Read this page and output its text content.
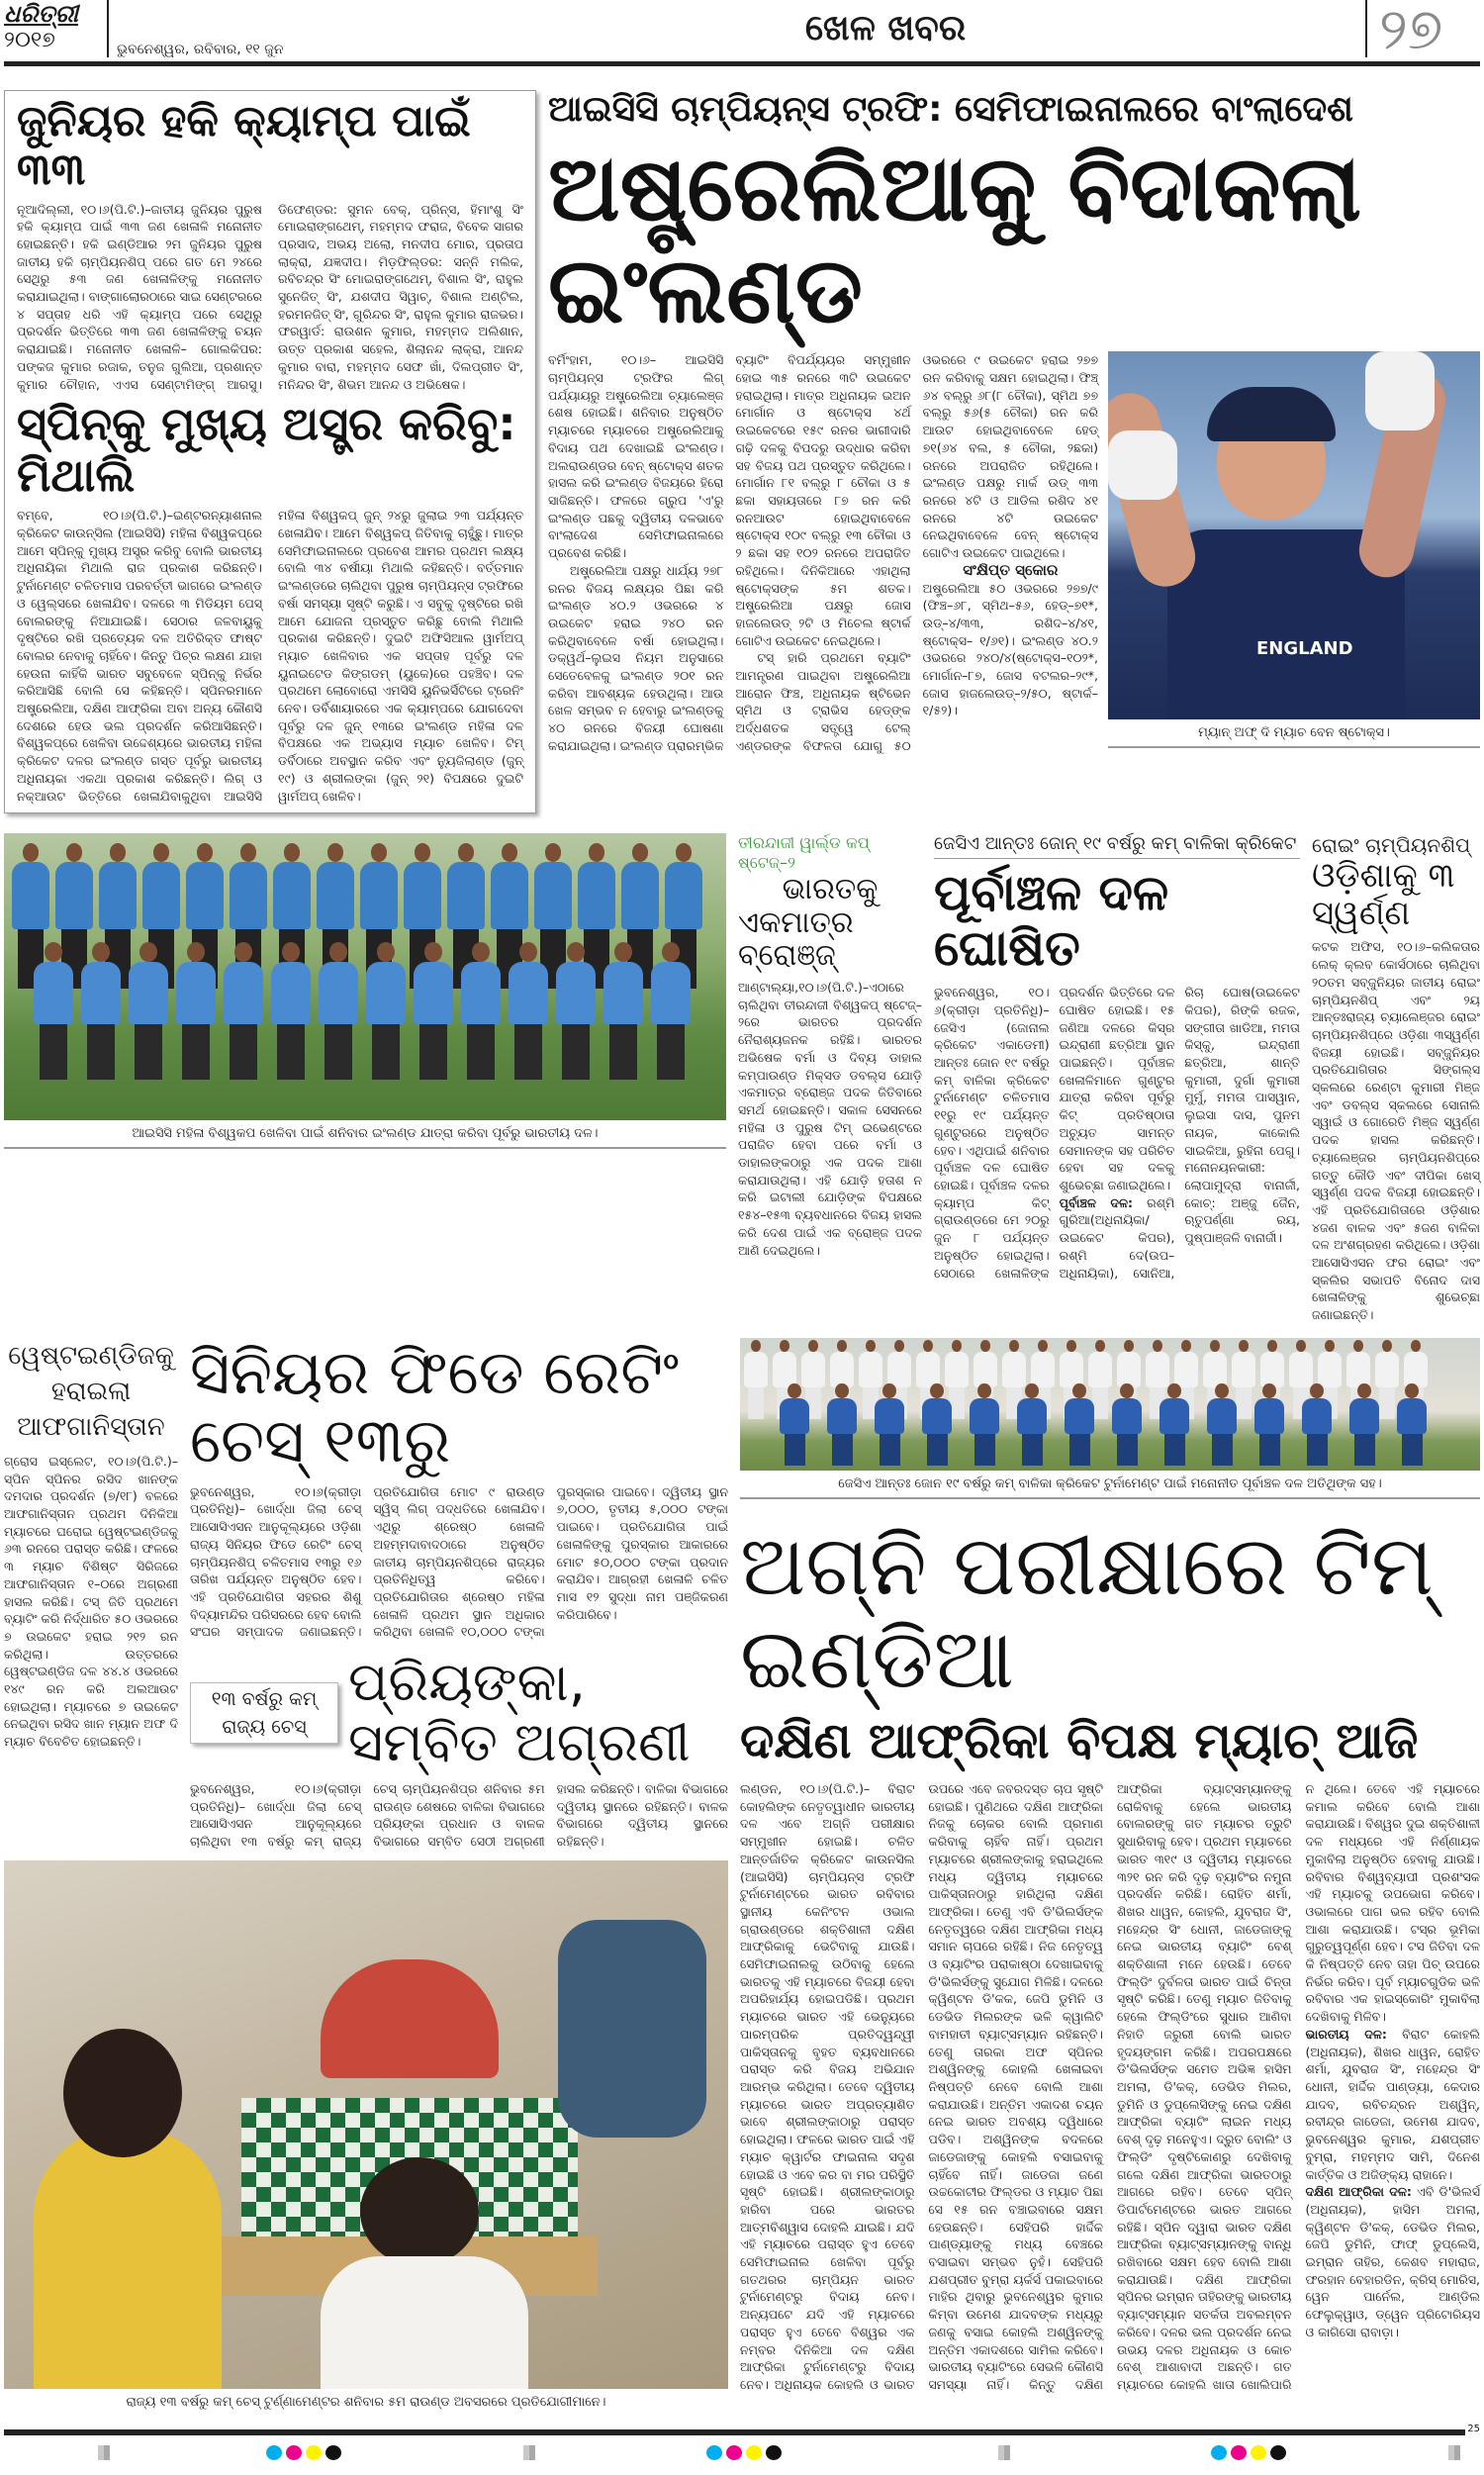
ଧରିତ୍ରୀ
୨୦୧୭	ଭୁବନେଶ୍ୱର, ରବିବାର, ୧୧ ଜୁନ
ଖେଳ ଖବର	୨୭
ଜୁନିୟର ହକି କ୍ୟାମ୍ପ ପାଇଁ ୩୩

ନୂଆଦିଲ୍ଲୀ, ୧୦।୬(ପି.ଟି.)–ଜାତୀୟ ଜୁନିୟର ପୁରୁଷ ହକି କ୍ୟାମ୍ପ ପାଇଁ ୩୩ ଜଣ ଖେଳାଳି ମନୋନୀତ ହୋଇଛନ୍ତି। ହକି ଇଣ୍ଡିଆର ୨ମ ଜୁନିୟର ପୁରୁଷ ଜାତୀୟ ହକି ଚାମ୍ପିୟନଶିପ୍ ପରେ ଗତ ମେ ୨୪ରେ ସେଥିରୁ ୫୩ ଜଣ ଖେଳାଳିଙ୍କୁ ମନୋନୀତ କରାଯାଇଥିଲା। ବାଙ୍ଗାଲୋରଠାରେ ସାଇ ସେଣ୍ଟରରେ ୪ ସପ୍ତାହ ଧରି ଏହି କ୍ୟାମ୍ପ ପରେ ସେଥିରୁ ପ୍ରଦର୍ଶନ ଭିତ୍ତିରେ ୩୩ ଜଣ ଖେଳାଳିଙ୍କୁ ଚୟନ କରାଯାଇଛି। ମନୋନୀତ ଖେଳାଳି– ଗୋଲକିପର: ପଙ୍କଜ କୁମାର ରଜାକ, ତନୁଜ ଗୁଲିଆ, ପ୍ରଶାନ୍ତ କୁମାର ଚୌହାନ, ଏଏସ ସେଣ୍ଟାମିଙ୍ଗ୍ ଆରସୁ। ଡିଫେଣ୍ଡର: ସୁମନ ବେକ୍, ପ୍ରିନ୍ସ, ହିମାଂଶୁ ସିଂ ମୋଇରାଙ୍ଗଥେମ୍, ମହମ୍ମଦ ଫରାଜ, ବିବେକ ସାଗର ପ୍ରସାଦ, ଅଭୟ ଅଲୋ, ମନଦୀପ ମୋର, ପ୍ରତାପ ଲାକ୍ରା, ଯଜ୍ଞଦୀପ। ମିଡ଼ଫିଲ୍ଡର: ସନ୍ନି ମଲିକ, ରବିଚନ୍ଦ୍ର ସିଂ ମୋଇରାଙ୍ଗଥେମ୍, ବିଶାଲ ସିଂ, ରାହୁଲ ସୁନେଜିତ୍ ସିଂ, ଯଶଦୀପ ସିୱାଚ୍, ବିଶାଲ ଅଣ୍ଟିଲ, ହରମନଜିତ୍ ସିଂ, ଗୁରିନ୍ଦର ସିଂ, ରାହୁଲ କୁମାର ରାଜଭର। ଫରୱାର୍ଡ: ରାଉଶନ କୁମାର, ମହମ୍ମଦ ଅଲିଶାନ, ଉତ୍ତ ପ୍ରକାଶ ସହେଲ, ଶିଲାନନ୍ଦ ଲାକ୍ରା, ଆନନ୍ଦ କୁମାର ବାରା, ମହମ୍ମଦ ସେଫ ଖାଁ, ଦିଲପ୍ରୀତ ସିଂ, ମନିନ୍ଦର ସିଂ, ଶିଭମ ଆନନ୍ଦ ଓ ଅଭିଷେକ।

ସ୍ପିନ୍‌କୁ ମୁଖ୍ୟ ଅସ୍ତ୍ର କରିବୁ: ମିଥାଲି

ବମ୍ବେ, ୧୦।୬(ପି.ଟି.)–ଇଣ୍ଟରନ୍ୟାଶନାଲ କ୍ରିକେଟ କାଉନ୍‌ସିଲ (ଆଇସିସି) ମହିଳା ବିଶ୍ୱକପ୍‌ରେ ଆମେ ସ୍ପିନ୍‌କୁ ମୁଖ୍ୟ ଅସ୍ତ୍ର କରିବୁ ବୋଲି ଭାରତୀୟ ଅଧିନାୟିକା ମିଥାଲି ରାଜ ପ୍ରକାଶ କରିଛନ୍ତି। ଟୁର୍ନାମେଣ୍ଟ ଚଳିତମାସ ପରବର୍ତ୍ତୀ ଭାଗରେ ଇଂଲଣ୍ଡ ଓ ୱେଲ୍‌ସରେ ଖେଳାଯିବ। ଦଳରେ ୩ ମିଡିୟମ ପେସ୍ ବୋଲରଙ୍କୁ ନିଆଯାଇଛି। ସେଠାର ଜଳବାୟୁକୁ ଦୃଷ୍ଟିରେ ରଖି ପ୍ରତ୍ୟେକ ଦଳ ଅତିରିକ୍ତ ଫାଷ୍ଟ ବୋଲର ନେବାକୁ ଚାହିଁବେ। କିନ୍ତୁ ପିଚ୍‌ର ଲକ୍ଷଣ ଯାହା ହେଉନା କାହିଁକି ଭାରତ ସବୁବେଳେ ସ୍ପିନ୍‌କୁ ନିର୍ଭର କରିଆସିଛି ବୋଲି ସେ କହିଛନ୍ତି। ସ୍ପିନରମାନେ ଅଷ୍ଟ୍ରେଲିଆ, ଦକ୍ଷିଣ ଆଫ୍ରିକା ଅବା ଅନ୍ୟ କୌଣସି ଦେଶରେ ହେଉ ଭଲ ପ୍ରଦର୍ଶନ କରିଆସିଛନ୍ତି। ବିଶ୍ୱକପ୍‌ରେ ଖେଳିବା ଉଦ୍ଦେଶ୍ୟରେ ଭାରତୀୟ ମହିଳା କ୍ରିକେଟ ଦଳର ଇଂଲଣ୍ଡ ଗସ୍ତ ପୂର୍ବରୁ ଭାରତୀୟ ଅଧିନାୟକା ଏକଥା ପ୍ରକାଶ କରିଛନ୍ତି। ଲିଗ୍ ଓ ନକ୍‌ଆଉଟ ଭିତ୍ତିରେ ଖେଳାଯିବାକୁଥିବା ଆଇସିସି ମହିଳା ବିଶ୍ୱକପ୍ ଜୁନ୍ ୨୪ରୁ ଜୁଲାଇ ୨୩ ପର୍ଯ୍ୟନ୍ତ ଖେଳାଯିବ। ଆମେ ବିଶ୍ୱକପ୍ ଜିତିବାକୁ ଚାହୁଁଛୁ। ମାତ୍ର ସେମିଫାଇନାଲରେ ପ୍ରବେଶ ଆମର ପ୍ରଥମ ଲକ୍ଷ୍ୟ ବୋଲି ୩୪ ବର୍ଷୀୟା ମିଥାଲି କହିଛନ୍ତି। ବର୍ତ୍ତମାନ ଇଂଲଣ୍ଡରେ ଚାଲିଥିବା ପୁରୁଷ ଚାମ୍ପିୟନ୍ସ ଟ୍ରଫିରେ ବର୍ଷା ସମସ୍ୟା ସୃଷ୍ଟି କରୁଛି। ଏ ସବୁକୁ ଦୃଷ୍ଟିରେ ରଖି ଆମେ ଯୋଜନା ପ୍ରସ୍ତୁତ କରିଛୁ ବୋଲି ମିଥାଲି ପ୍ରକାଶ କରିଛନ୍ତି। ଦୁଇଟି ଅଫିସିଆଲ ୱାର୍ମଅପ୍ ମ୍ୟାଚ ଖେଳିବାର ଏକ ସପ୍ତାହ ପୂର୍ବରୁ ଦଳ ୟୁନାଇଟେଡ କିଙ୍ଗଡମ୍ (ୟୁକେ)ରେ ପହଞ୍ଚିବ। ଦଳ ପ୍ରଥମେ ଲୋବୋରୋ ଏମସିସି ୟୁନିଭର୍ସିଟିରେ ଟ୍ରେନିଂ ନେବ। ଡର୍ବିଶାୟାରରେ ଏକ କ୍ୟାମ୍ପରେ ଯୋଗଦେବା ପୂର୍ବରୁ ଦଳ ଜୁନ୍ ୧୩ରେ ଇଂଲଣ୍ଡ ମହିଳା ଦଳ ବିପକ୍ଷରେ ଏକ ଅଭ୍ୟାସ ମ୍ୟାଚ ଖେଳିବ। ଟିମ୍ ଡର୍ବିଠାରେ ଅବସ୍ଥାନ କରିବ ଏବଂ ନ୍ୟୁଜିଲାଣ୍ଡ (ଜୁନ୍ ୧୯) ଓ ଶ୍ରୀଲଙ୍କା (ଜୁନ୍ ୨୧) ବିପକ୍ଷରେ ଦୁଇଟି ୱାର୍ମଅପ୍ ଖେଳିବ।

ଆଇସିସି ଚାମ୍ପିୟନ୍ସ ଟ୍ରଫି: ସେମିଫାଇନାଲରେ ବାଂଲାଦେଶ
ଅଷ୍ଟ୍ରେଲିଆକୁ ବିଦାକଲା ଇଂଲଣ୍ଡ

ବର୍ମିଂହାମ, ୧୦।୬– ଆଇସିସି ଚାମ୍ପିୟନ୍ସ ଟ୍ରଫିର ଲିଗ୍ ପର୍ଯ୍ୟାୟରୁ ଅଷ୍ଟ୍ରେଲିଆ ଚ୍ୟାଲେଞ୍ଜ ଶେଷ ହୋଇଛି। ଶନିବାର ଅନୁଷ୍ଠିତ ମ୍ୟାଚରେ ମ୍ୟାଚରେ ଅଷ୍ଟ୍ରେଲିଆକୁ ବିଦାୟ ପଥ ଦେଖାଇଛି ଇଂଲଣ୍ଡ। ଅଲରାଉଣ୍ଡର ବେନ୍ ଷ୍ଟୋକ୍ସ ଶତକ ହାସଲ କରି ଇଂଲଣ୍ଡ ବିଜୟରେ ହିରୋ ସାଜିଛନ୍ତି। ଫଳରେ ଗ୍ରୁପ 'ଏ'ରୁ ଇଂଲଣ୍ଡ ପଛକୁ ଦ୍ୱିତୀୟ ଦଳଭାବେ ବାଂଲାଦେଶ ସେମିଫାଇନାଲରେ ପ୍ରବେଶ କରିଛି।

ଅଷ୍ଟ୍ରେଲିଆ ପକ୍ଷରୁ ଧାର୍ଯ୍ୟ ୨୭୮ ରନର ବିଜୟ ଲକ୍ଷ୍ୟର ପିଛା କରି ଇଂଲଣ୍ଡ ୪୦.୨ ଓଭରରେ ୪ ଉଇକେଟ ହରାଇ ୨୪୦ ରନ କରିଥିବାବେଳେ ବର୍ଷା ହୋଇଥିଲା। ଡକ୍‌ୱର୍ଥ–ଲୁଇସ ନିୟମ ଅନୁସାରେ ସେତେବେଳକୁ ଇଂଲଣ୍ଡ ୨୦୧ ରନ କରିବା ଆବଶ୍ୟକ ହେଉଥିଲା। ଆଉ ଖେଳ ସମ୍ଭବ ନ ହେବାରୁ ଇଂଲଣ୍ଡକୁ ୪୦ ରନରେ ବିଜୟୀ ଘୋଷଣା କରାଯାଇଥିଲା। ଇଂଲଣ୍ଡ ପ୍ରାରମ୍ଭିକ ବ୍ୟାଟିଂ ବିପର୍ଯ୍ୟୟର ସମ୍ମୁଖୀନ ହୋଇ ୩୫ ରନରେ ୩ଟି ଉଇକେଟ ହରାଇଥିଲା। ମାତ୍ର ଅଧିନାୟକ ଇଅନ ମୋର୍ଗାନ ଓ ଷ୍ଟୋକ୍ସ ୪ର୍ଥ ଉଇକେଟରେ ୧୫୯ ରନର ଭାଗୀଦାରି ଗଢ଼ି ଦଳକୁ ବିପଦରୁ ଉଦ୍ଧାର କରିବା ସହ ବିଜୟ ପଥ ପ୍ରସ୍ତୁତ କରିଥିଲେ। ମୋର୍ଗାନ ୮୧ ବଲ୍‌ରୁ ୮ ଚୌକା ଓ ୫ ଛକା ସହାୟତାରେ ୮୭ ରନ କରି ରନଆଉଟ ହୋଇଥିବାବେଳେ ଷ୍ଟୋକ୍ସ ୧୦୯ ବଲ୍‌ରୁ ୧୩ ଚୌକା ଓ ୨ ଛକା ସହ ୧୦୨ ରନରେ ଅପରାଜିତ ରହିଥିଲେ। ଦିନିକିଆରେ ଏହାଥିଲା ଷ୍ଟୋକ୍ସଙ୍କ ୫ମ ଶତକ। ଅଷ୍ଟ୍ରେଲିଆ ପକ୍ଷରୁ ଜୋସ ହାଜଲେଉଡ୍ ୨ଟି ଓ ମିଚେଲ ଷ୍ଟାର୍କ ଗୋଟିଏ ଉଇକେଟ ନେଇଥିଲେ।

ଟସ୍ ହାରି ପ୍ରଥମେ ବ୍ୟାଟିଂ ଆମନ୍ତ୍ରଣ ପାଇଥିବା ଅଷ୍ଟ୍ରେଲିଆ ଆରୋନ ଫିଞ୍ଚ, ଅଧିନାୟକ ଷ୍ଟିଭେନ ସ୍ମିଥ ଓ ଟ୍ରାଭିସ ହେଡ୍‌ଙ୍କ ଅର୍ଦ୍ଧଶତକ ସତ୍ତ୍ୱେ ଟେଲ୍ ଏଣ୍ଡରଙ୍କ ବିଫଳତା ଯୋଗୁ ୫୦ ଓଭରରେ ୯ ଉଇକେଟ ହରାଇ ୨୭୭ ରନ କରିବାକୁ ସକ୍ଷମ ହୋଇଥିଲା। ଫିଞ୍ଚ୍ ୬୪ ବଲ୍‌ରୁ ୬୮(୮ ଚୌକା), ସ୍ମିଥ ୭୭ ବଲ୍‌ରୁ ୫୬(୫ ଚୌକା) ରନ କରି ଆଉଟ ହୋଇଥିବାବେଳେ ହେଡ୍ ୭୧(୬୪ ବଲ, ୫ ଚୌକା, ୨ଛକା) ରନରେ ଅପରାଜିତ ରହିଥିଲେ। ଇଂଲଣ୍ଡ ପକ୍ଷରୁ ମାର୍କ ଉଡ୍ ୩୩ ରନରେ ୪ଟି ଓ ଆଡିଲ ରଶିଦ ୪୧ ରନରେ ୪ଟି ଉଇକେଟ ନେଇଥିବାବେଳେ ବେନ୍ ଷ୍ଟୋକ୍ସ ଗୋଟିଏ ଉଇକେଟ ପାଇଥିଲେ।

ସଂକ୍ଷିପ୍ତ ସ୍କୋର

ଅଷ୍ଟ୍ରେଲିଆ ୫୦ ଓଭରରେ ୨୭୭/୯ (ଫିଞ୍ଚ–୬୮, ସ୍ମିଥ–୫୬, ହେଡ୍–୭୧*, ଉଡ୍–୪/୩୩, ରଶିଦ–୪/୪୧, ଷ୍ଟୋକ୍ସ– ୧/୬୧)। ଇଂଲଣ୍ଡ ୪୦.୨ ଓଭରରେ ୨୪୦/୪(ଷ୍ଟୋକ୍ସ–୧୦୨*, ମୋର୍ଗାନ–୮୭, ଜୋସ ବଟଲର–୨୯*, ଜୋସ ହାଜଲେଉଡ୍–୨/୫୦, ଷ୍ଟାର୍କ–୧/୫୨)।

ENGLAND
ମ୍ୟାନ୍ ଅଫ୍ ଦି ମ୍ୟାଚ ବେନ ଷ୍ଟୋକ୍ସ।
ଆଇସିସି ମହିଳା ବିଶ୍ୱକପ ଖେଳିବା ପାଇଁ ଶନିବାର ଇଂଲଣ୍ଡ ଯାତ୍ରା କରିବା ପୂର୍ବରୁ ଭାରତୀୟ ଦଳ।
ତୀରନ୍ଦାଜୀ ୱାର୍ଲ୍ଡ କପ୍ ଷ୍ଟେଜ୍–୨
ଭାରତକୁ
ଏକମାତ୍ର ବ୍ରୋଞ୍ଜ୍

ଆଣ୍ଟାଲ୍ୟା,୧୦।୬(ପି.ଟି.)–ଏଠାରେ ଚାଲିଥିବା ତୀରନ୍ଦାଜୀ ବିଶ୍ୱକପ୍ ଷ୍ଟେଜ୍–୨ରେ ଭାରତର ପ୍ରଦର୍ଶନ ନୈରାଶ୍ୟଜନକ ରହିଛି। ଭାରତର ଅଭିଷେକ ବର୍ମା ଓ ଦିବ୍ୟ ଡାହାଲ କମ୍ପାଉଣ୍ଡ ମିକ୍ସଡ ଡବଲ୍ସ ଯୋଡ଼ି ଏକମାତ୍ର ବ୍ରୋଞ୍ଜ ପଦକ ଜିତିବାରେ ସମର୍ଥ ହୋଇଛନ୍ତି। ସକାଳ ସେସନରେ ମହିଳା ଓ ପୁରୁଷ ଟିମ୍ ଇଭେଣ୍ଟରେ ପରାଜିତ ହେବା ପରେ ବର୍ମା ଓ ଡାହାଲଙ୍କଠାରୁ ଏକ ପଦକ ଆଶା କରାଯାଉଥିଲା। ଏହି ଯୋଡ଼ି ହତାଶ ନ କରି ଇଟାଲୀ ଯୋଡ଼ିଙ୍କ ବିପକ୍ଷରେ ୧୫୪–୧୫୩ ବ୍ୟବଧାନରେ ବିଜୟ ହାସଲ କରି ଦେଶ ପାଇଁ ଏକ ବ୍ରୋଞ୍ଜ ପଦକ ଆଣି ଦେଇଥିଲେ।

ଜେସିଏ ଆନ୍ତଃ ଜୋନ୍ ୧୯ ବର୍ଷରୁ କମ୍ ବାଳିକା କ୍ରିକେଟ
ପୂର୍ବାଞ୍ଚଳ ଦଳ ଘୋଷିତ

ଭୁବନେଶ୍ୱର, ୧୦।୬(କ୍ରୀଡ଼ା ପ୍ରତିନିଧି)– ଜେସିଏ (ଜୋନାଲ କ୍ରିକେଟ ଏକାଡେମୀ) ଆନ୍ତଃ ଜୋନ ୧୯ ବର୍ଷରୁ କମ୍ ବାଳିକା କ୍ରିକେଟ ଟୁର୍ନାମେଣ୍ଟ ଚଳିତମାସ ୧୧ରୁ ୧୯ ପର୍ଯ୍ୟନ୍ତ ଗୁଣ୍ଟୁରରେ ଅନୁଷ୍ଠିତ ହେବ। ଏଥିପାଇଁ ଶନିବାର ପୂର୍ବାଞ୍ଚଳ ଦଳ ଘୋଷିତ ହୋଇଛି। ପୂର୍ବାଞ୍ଚଳ ଦଳର କ୍ୟାମ୍ପ କିଟ୍ ଗ୍ରାଉଣ୍ଡରେ ମେ ୨୦ରୁ ଜୁନ ୮ ପର୍ଯ୍ୟନ୍ତ ଅନୁଷ୍ଠିତ ହୋଇଥିଲା। ସେଠାରେ ଖେଳାଳିଙ୍କ ପ୍ରଦର୍ଶନ ଭିତ୍ତିରେ ଦଳ ଘୋଷିତ ହୋଇଛି। ୧୫ ଜଣିଆ ଦଳରେ କିସ୍‌ର ଇନ୍ଦ୍ରାଣୀ ଛତ୍ରିଆ ସ୍ଥାନ ପାଇଛନ୍ତି। ପୂର୍ବାଞ୍ଚଳ ଖେଳାଳିମାନେ ଗୁଣ୍ଟୁର ଯାତ୍ରା କରିବା ପୂର୍ବରୁ କିଟ୍ ପ୍ରତିଷ୍ଠାତା ଅଚ୍ୟୁତ ସାମନ୍ତ ସେମାନଙ୍କ ସହ ପରିଚିତ ହେବା ସହ ଦଳକୁ ଶୁଭେଚ୍ଛା ଜଣାଇଥିଲେ।

ପୂର୍ବାଞ୍ଚଳ ଦଳ: ରଶ୍ମି ଗୁରିଆ(ଅଧିନାୟିକା/ଉଇକେଟ କିପର), ରଶ୍ମି ଦେ(ଉପ–ଅଧିନାୟିକା), ସୋନିଆ, ରିଚା ଘୋଷ(ଉଇକେଟ କିପର), ରିଙ୍କି ରଜକ, ସଙ୍ଗୀତା ଖାଡିଆ, ମମତା କିସ୍କୁ, ଇନ୍ଦ୍ରାଣୀ ଛତ୍ରିଆ, ଶାନ୍ତି କୁମାରୀ, ଦୁର୍ଗା କୁମାରୀ ମୁର୍ମୁ, ମମତା ପାସୱାନ, ଲୁଇସା ଦାସ, ପୁନମ ନାୟକ, କାକୋଲି ସାଇକିଆ, ରୁହିନା ପେଗୁ। ମନୋନୟନକାରୀ: ଲୋପାମୁଦ୍ରା ବାନାର୍ଜୀ, କୋଚ୍: ଅଞ୍ଜୁ ଜୈନ, ଋତୁପର୍ଣ୍ଣା ରୟ, ପୁଷ୍ପାଞ୍ଜଳି ବାନାର୍ଜୀ।

ରୋଇଂ ଚାମ୍ପିୟନଶିପ୍
ଓଡ଼ିଶାକୁ ୩ ସ୍ୱର୍ଣ୍ଣ

କଟକ ଅଫିସ, ୧୦।୬–କଲିକତାର ଲେକ୍ କ୍ଲବ କୋର୍ସଠାରେ ଚାଲିଥିବା ୨୦ତମ ସବ୍‌ଜୁନିୟର ଜାତୀୟ ରୋଇଂ ଚାମ୍ପିୟନଶିପ୍ ଏବଂ ୨ୟ ଆନ୍ତଃରାଜ୍ୟ ଚ୍ୟାଲେଞ୍ଜର ରୋଇଂ ଚାମ୍ପିୟନଶିପ୍‌ରେ ଓଡ଼ିଶା ୩ସ୍ୱର୍ଣ୍ଣ ବିଜୟୀ ହୋଇଛି। ସବ୍‌ଜୁନିୟର ପ୍ରତିଯୋଗିତାର ସିଙ୍ଗଲ୍ସ ସ୍କଲରେ ରେଣ୍ଟା କୁମାରୀ ମିଞ୍ଜ ଏବଂ ଡବଲ୍ସ ସ୍କଲରେ ସୋନାଲି ସ୍ୱାଇଁ ଓ ଗୋରେତି ମିଞ୍ଜ ସ୍ୱର୍ଣ୍ଣ ପଦକ ହାସଲ କରିଛନ୍ତି। ଚ୍ୟାଲେଞ୍ଜର ଚାମ୍ପିୟନଶିପ୍‌ରେ ଗତ୍ତୁ କୌଡି ଏବଂ ଦୀପିକା ଖେସ୍ ସ୍ୱର୍ଣ୍ଣ ପଦକ ବିଜୟୀ ହୋଇଛନ୍ତି। ଏହି ପ୍ରତିଯୋଗିତାରେ ଓଡ଼ିଶାର ୪ଜଣ ବାଳକ ଏବଂ ୫ଜଣ ବାଳିକା ଦଳ ଅଂଶଗ୍ରହଣ କରିଥିଲେ। ଓଡ଼ିଶା ଆସୋସିଏସନ ଫର ରୋଇଂ ଏବଂ ସ୍କଲିର ସଭାପତି ବିନୋଦ ଦାସ ଖେଳାଳିଙ୍କୁ ଶୁଭେଚ୍ଛା ଜଣାଇଛନ୍ତି।

ୱେଷ୍ଟଇଣ୍ଡିଜକୁ
ହରାଇଲା
ଆଫଗାନିସ୍ତାନ

ଗ୍ରୋସ ଇସ୍ଲେଟ, ୧୦।୬(ପି.ଟି.)– ସ୍ପିନ ସ୍ପିନର ରସିଦ ଖାନଙ୍କ ଦମଦାର ପ୍ରଦର୍ଶନ (୭/୧୮) ବଳରେ ଆଫଗାନିସ୍ତାନ ପ୍ରଥମ ଦିନିକିଆ ମ୍ୟାଚରେ ଘରୋଇ ୱେଷ୍ଟଇଣ୍ଡିଜକୁ ୬୩ ରନରେ ପରାସ୍ତ କରିଛି। ଫଳରେ ୩ ମ୍ୟାଚ ବିଶିଷ୍ଟ ସିରିଜରେ ଆଫଗାନିସ୍ତାନ ୧–୦ରେ ଅଗ୍ରଣୀ ହାସଲ କରିଛି। ଟସ୍ ଜିତି ପ୍ରଥମେ ବ୍ୟାଟିଂ କରି ନିର୍ଦ୍ଧାରିତ ୫୦ ଓଭରରେ ୭ ଉଇକେଟ ହରାଇ ୨୧୨ ରନ କରିଥିଲା। ଉତ୍ତରରେ ୱେଷ୍ଟଇଣ୍ଡିଜ ଦଳ ୪୪.୪ ଓଭରରେ ୧୪୯ ରନ କରି ଅଲଆଉଟ ହୋଇଥିଲା। ମ୍ୟାଚରେ ୭ ଉଇକେଟ ନେଇଥିବା ରସିଦ ଖାନ ମ୍ୟାନ ଅଫ ଦି ମ୍ୟାଚ ବିବେଚିତ ହୋଇଛନ୍ତି।

ସିନିୟର ଫିଡେ ରେଟିଂ ଚେସ୍ ୧୩ରୁ

ଭୁବନେଶ୍ୱର, ୧୦।୬(କ୍ରୀଡ଼ା ପ୍ରତିନିଧି)– ଖୋର୍ଦ୍ଧା ଜିଲା ଚେସ୍ ଆସୋସିଏସନ ଆନୁକୂଲ୍ୟରେ ଓଡ଼ିଶା ରାଜ୍ୟ ସିନିୟର ଫିଡେ ରେଟିଂ ଚେସ୍ ଚାମ୍ପିୟନଶିପ୍ ଚଳିତମାସ ୧୩ରୁ ୧୬ ତାରିଖ ପର୍ଯ୍ୟନ୍ତ ଅନୁଷ୍ଠିତ ହେବ। ଏହି ପ୍ରତିଯୋଗିତା ସହରର ଶିଶୁ ବିଦ୍ୟାମନ୍ଦିର ପରିସରରେ ହେବ ବୋଲି ସଂଘର ସମ୍ପାଦକ ଜଣାଇଛନ୍ତି। ପ୍ରତିଯୋଗିତା ମୋଟ ୯ ରାଉଣ୍ଡ ସ୍ୱିସ୍ ଲିଗ୍ ପଦ୍ଧତିରେ ଖେଳାଯିବ। ଏଥିରୁ ଶ୍ରେଷ୍ଠ ଖେଳାଳି ଅହମ୍ମଦାବାଦଠାରେ ଅନୁଷ୍ଠିତ ଜାତୀୟ ଚାମ୍ପିୟନଶିପ୍‌ରେ ରାଜ୍ୟର ପ୍ରତିନିଧିତ୍ୱ କରିବେ। ପ୍ରତିଯୋଗିତାର ଶ୍ରେଷ୍ଠ ମହିଳା ଖେଳାଳି ପ୍ରଥମ ସ୍ଥାନ ଅଧିକାର କରିଥିବା ଖେଳାଳି ୧୦,୦୦୦ ଟଙ୍କା ପୁରସ୍କାର ପାଇବେ। ଦ୍ୱିତୀୟ ସ୍ଥାନ ୭,୦୦୦, ତୃତୀୟ ୫,୦୦୦ ଟଙ୍କା ପାଇବେ। ପ୍ରତିଯୋଗିତା ପାଇଁ ଖେଳାଳିଙ୍କୁ ପୁରସ୍କାର ଆକାରରେ ମୋଟ ୫୦,୦୦୦ ଟଙ୍କା ପ୍ରଦାନ କରାଯିବ। ଆଗ୍ରହୀ ଖେଳାଳି ଚଳିତ ମାସ ୧୨ ସୁଦ୍ଧା ନାମ ପଞ୍ଜିକରଣ କରିପାରିବେ।

୧୩ ବର୍ଷରୁ କମ୍
ରାଜ୍ୟ ଚେସ୍
ପ୍ରିୟଙ୍କା, ସମ୍ବିତ ଅଗ୍ରଣୀ

ଭୁବନେଶ୍ୱର, ୧୦।୬(କ୍ରୀଡ଼ା ପ୍ରତିନିଧି)– ଖୋର୍ଦ୍ଧା ଜିଲା ଚେସ୍ ଆସୋସିଏସନ ଆନୁକୂଲ୍ୟରେ ଚାଲିଥିବା ୧୩ ବର୍ଷରୁ କମ୍ ରାଜ୍ୟ ଚେସ୍ ଚାମ୍ପିୟନଶିପ୍‌ର ଶନିବାର ୫ମ ରାଉଣ୍ଡ ଶେଷରେ ବାଳିକା ବିଭାଗରେ ପ୍ରିୟଙ୍କା ପ୍ରଧାନ ଓ ବାଳକ ବିଭାଗରେ ସମ୍ବିତ ସେଠୀ ଅଗ୍ରଣୀ ହାସଲ କରିଛନ୍ତି। ବାଳିକା ବିଭାଗରେ ଦ୍ୱିତୀୟ ସ୍ଥାନରେ ରହିଛନ୍ତି। ବାଳକ ବିଭାଗରେ ଦ୍ୱିତୀୟ ସ୍ଥାନରେ ରହିଛନ୍ତି।

ରାଜ୍ୟ ୧୩ ବର୍ଷରୁ କମ୍ ଚେସ୍ ଟୁର୍ଣ୍ଣାମେଣ୍ଟର ଶନିବାର ୫ମ ରାଉଣ୍ଡ ଅବସରରେ ପ୍ରତିଯୋଗୀମାନେ।
ଜେସିଏ ଆନ୍ତଃ ଜୋନ ୧୯ ବର୍ଷରୁ କମ୍ ବାଳିକା କ୍ରିକେଟ ଟୁର୍ନାମେଣ୍ଟ ପାଇଁ ମନୋନୀତ ପୂର୍ବାଞ୍ଚଳ ଦଳ ଅତିଥିଙ୍କ ସହ।
ଅଗ୍ନି ପରୀକ୍ଷାରେ ଟିମ୍ ଇଣ୍ଡିଆ
ଦକ୍ଷିଣ ଆଫ୍ରିକା ବିପକ୍ଷ ମ୍ୟାଚ୍ ଆଜି

ଲଣ୍ଡନ, ୧୦।୬(ପି.ଟି.)– ବିରାଟ କୋହଲିଙ୍କ ନେତୃତ୍ୱାଧୀନ ଭାରତୀୟ ଦଳ ଏବେ ଅଗ୍ନି ପରୀକ୍ଷାର ସମ୍ମୁଖୀନ ହୋଇଛି। ଚଳିତ ଆନ୍ତର୍ଜାତିକ କ୍ରିକେଟ କାଉନସିଲ (ଆଇସିସି) ଚାମ୍ପିୟନ୍ସ ଟ୍ରଫି ଟୁର୍ନାମେଣ୍ଟରେ ଭାରତ ରବିବାର ସ୍ଥାନୀୟ କେନିଂଟନ ଓଭାଲ ଗ୍ରାଉଣ୍ଡରେ ଶକ୍ତିଶାଳୀ ଦକ୍ଷିଣ ଆଫ୍ରିକାକୁ ଭେଟିବାକୁ ଯାଉଛି। ସେମିଫାଇନାଲକୁ ଉଠିବାକୁ ହେଲେ ଭାରତକୁ ଏହି ମ୍ୟାଚରେ ବିଜୟୀ ହେବା ଅପରିହାର୍ଯ୍ୟ ହୋଇପଡିଛି। ପ୍ରଥମ ମ୍ୟାଚରେ ଭାରତ ଏହି ଭେନ୍ୟୁରେ ପାରମ୍ପରିକ ପ୍ରତିଦ୍ୱନ୍ଦ୍ୱୀ ପାକିସ୍ତାନକୁ ବୃହତ ବ୍ୟବଧାନରେ ପରାସ୍ତ କରି ବିଜୟ ଅଭିଯାନ ଆରମ୍ଭ କରିଥିଲା। ତେବେ ଦ୍ୱିତୀୟ ମ୍ୟାଚରେ ଭାରତ ଅପ୍ରତ୍ୟାଶିତ ଭାବେ ଶ୍ରୀଲଙ୍କାଠାରୁ ପରାସ୍ତ ହୋଇଥିଲା। ଫଳରେ ଭାରତ ପାଇଁ ଏହି ମ୍ୟାଚ କ୍ୱାର୍ଟର ଫାଇନାଲ ସଦୃଶ ହୋଇଛି ଓ ଏବେ କର ବା ମର ପରିସ୍ଥିତି ସୃଷ୍ଟି ହୋଇଛି। ଶ୍ରୀଲଙ୍କାଠାରୁ ହାରିବା ପରେ ଭାରତର ଆତ୍ମବିଶ୍ୱାସ ଦୋହଲି ଯାଇଛି। ଯଦି ଏହି ମ୍ୟାଚରେ ପରାସ୍ତ ହୁଏ ତେବେ ସେମିଫାଇନାଲ ଖେଳିବା ପୂର୍ବରୁ ଗତଥରର ଚାମ୍ପିୟନ ଭାରତ ଟୁର୍ନାମେଣ୍ଟରୁ ବିଦାୟ ନେବ। ଅନ୍ୟପଟେ ଯଦି ଏହି ମ୍ୟାଚରେ ପରାସ୍ତ ହୁଏ ତେବେ ବିଶ୍ୱର ଏକ ନମ୍ବର ଦିନିକିଆ ଦଳ ଦକ୍ଷିଣ ଆଫ୍ରିକା ଟୁର୍ନାମେଣ୍ଟରୁ ବିଦାୟ ନେବ। ଅଧିନାୟକ କୋହଲି ଓ ଭାରତ ଉପରେ ଏବେ ଜବରଦସ୍ତ ଚାପ ସୃଷ୍ଟି ହୋଇଛି। ପୁଣିଥରେ ଦକ୍ଷିଣ ଆଫ୍ରିକା ନିଜକୁ ଚୋକର ବୋଲି ପ୍ରମାଣ କରିବାକୁ ଚାହିଁବ ନାହିଁ। ପ୍ରଥମ ମ୍ୟାଚରେ ଶ୍ରୀଲଙ୍କାକୁ ହରାଇଥିଲେ ମଧ୍ୟ ଦ୍ୱିତୀୟ ମ୍ୟାଚରେ ପାକିସ୍ତାନଠାରୁ ହାରିଥିଲା ଦକ୍ଷିଣ ଆଫ୍ରିକା। ତେଣୁ ଏବି ଡି'ଭିଲର୍ସଙ୍କ ନେତୃତ୍ୱରେ ଦକ୍ଷିଣ ଆଫ୍ରିକା ମଧ୍ୟ ସମାନ ଚାପରେ ରହିଛି। ନିଜ ନେତୃତ୍ୱ ଓ ବ୍ୟାଟିଂର ପରାକାଷ୍ଠା ଦେଖାଇବାକୁ ଡି'ଭିଲର୍ସଙ୍କୁ ସୁଯୋଗ ମିଳିଛି। ଦଳରେ କ୍ୱିଣ୍ଟନ ଡି'କକ, ଜେପି ଡୁମିନି ଓ ଡେଭିଡ ମିଲରଙ୍କ ଭଳି କ୍ୱାଲିଟି ବାମହାତୀ ବ୍ୟାଟ୍ସମ୍ୟାନ ରହିଛନ୍ତି। ତେଣୁ ତାରକା ଅଫ ସ୍ପିନର ଅଶ୍ୱିନଙ୍କୁ କୋହଲି ଖେଳାଇବା ନିଷ୍ପତ୍ତି ନେବେ ବୋଲି ଆଶା କରାଯାଉଛି। ଅନ୍ତିମ ଏକାଦଶ ଚୟନ ନେଇ ଭାରତ ଅବଶ୍ୟ ଦ୍ୱିଧାରେ ପଡିବ। ଅଶ୍ୱିନଙ୍କ ବଦଳରେ ଜାଡେଜାଙ୍କୁ କୋହଲି ବସାଇବାକୁ ଚାହିଁବେ ନାହିଁ। ଜାଡେଜା ଜଣେ ଉଚ୍ଚକୋଟୀର ଫିଲ୍ଡର ଓ ମ୍ୟାଚ ପିଛା ସେ ୧୫ ରନ ବଞ୍ଚାଇବାରେ ସକ୍ଷମ ହେଉଛନ୍ତି। ସେହିପରି ହାର୍ଦ୍ଦିକ ପାଣ୍ଡ୍ୟାଙ୍କୁ ମଧ୍ୟ ବେଞ୍ଚରେ ବସାଇବା ସମ୍ଭବ ନୁହଁ। ସେହିପରି ଯଶପ୍ରୀତ ବୁମ୍ରା ୟର୍କର୍ସ ପକାଇବାରେ ମାହିର ଥିବାରୁ ଭୁବନେଶ୍ୱର କୁମାର କିମ୍ବା ଉମେଶ ଯାଦବଙ୍କ ମଧ୍ୟରୁ ଜଣକୁ ବସାଇ କୋହଲି ଅଶ୍ୱିନଙ୍କୁ ଅନ୍ତିମ ଏକାଦଶରେ ସାମିଲ କରିବେ। ଭାରତୀୟ ବ୍ୟାଟିଂରେ ସେଭଳି କୌଣସି ସମସ୍ୟା ନାହିଁ। କିନ୍ତୁ ଦକ୍ଷିଣ ଆଫ୍ରିକା ବ୍ୟାଟ୍ସମ୍ୟାନଙ୍କୁ ରୋକିବାକୁ ହେଲେ ଭାରତୀୟ ବୋଲରଙ୍କୁ ଗତ ମ୍ୟାଚର ତ୍ରୁଟି ସୁଧାରିବାକୁ ହେବ। ପ୍ରଥମ ମ୍ୟାଚରେ ଭାରତ ୩୧୯ ଓ ଦ୍ୱିତୀୟ ମ୍ୟାଚରେ ୩୨୧ ରନ କରି ଦୃଢ଼ ବ୍ୟାଟିଂର ନମୁନା ପ୍ରଦର୍ଶନ କରିଛି। ରୋହିତ ଶର୍ମା, ଶିଖର ଧାୱନ, କୋହଲି, ଯୁବରାଜ ସିଂ, ମହେନ୍ଦ୍ର ସିଂ ଧୋନୀ, ଜାଡେଜାଙ୍କୁ ନେଇ ଭାରତୀୟ ବ୍ୟାଟିଂ ବେଶ୍ ଶକ୍ତିଶାଳୀ ମନେ ହେଉଛି। ତେବେ ଫିଲ୍ଡିଂ ଦୁର୍ବଳତା ଭାରତ ପାଇଁ ଚିନ୍ତା ସୃଷ୍ଟି କରିଛି। ତେଣୁ ମ୍ୟାଚ ଜିତିବାକୁ ହେଲେ ଫିଲ୍ଡିଂରେ ସୁଧାର ଆଣିବା ନିହାତି ଜରୁରୀ ବୋଲି ଭାରତ ହୃଦୟଙ୍ଗମ କରିଛି। ଅପରପକ୍ଷରେ ଡି'ଭିଲର୍ସଙ୍କ ସମେତ ଅଭିଜ୍ଞ ହାସିମ ଅମଲା, ଡି'କକ୍, ଡେଭିଡ ମିଲର, ଡୁମିନି ଓ ଡୁପ୍ଲେସିଙ୍କୁ ନେଇ ଦକ୍ଷିଣ ଆଫ୍ରିକା ବ୍ୟାଟିଂ ଲାଇନ ମଧ୍ୟ ବେଶ୍ ଦୃଢ଼ ମନେହୁଏ। ଦ୍ରୁତ ବୋଲିଂ ଓ ଫିଲ୍ଡିଂ ଦୃଷ୍ଟିକୋଣରୁ ଦେଖିବାକୁ ଗଲେ ଦକ୍ଷିଣ ଆଫ୍ରିକା ଭାରତଠାରୁ ଆଗରେ ରହିବ। ତେବେ ସ୍ପିନ୍ ଡିପାର୍ଟମେଣ୍ଟରେ ଭାରତ ଆଗରେ ରହିଛି। ସ୍ପିନ ଦ୍ୱାରା ଭାରତ ଦକ୍ଷିଣ ଆଫ୍ରିକା ବ୍ୟାଟ୍ସମ୍ୟାନଙ୍କୁ ବାନ୍ଧି ରଖିବାରେ ସକ୍ଷମ ହେବ ବୋଲି ଆଶା କରାଯାଉଛି। ଦକ୍ଷିଣ ଆଫ୍ରିକା ସ୍ପିନର ଇମ୍ରାନ ତାହିରଙ୍କୁ ଭାରତୀୟ ବ୍ୟାଟ୍ସମ୍ୟାନ ସତର୍କତା ଅବଲମ୍ବନ କରିବେ। ଦଳର ଭଲ ପ୍ରଦର୍ଶନ ନେଇ ଉଭୟ ଦଳର ଅଧିନାୟକ ଓ କୋଚ ବେଶ୍ ଆଶାବାଦୀ ଅଛନ୍ତି। ଗତ ମ୍ୟାଚରେ କୋହଲି ଖାତା ଖୋଲିପାରି ନ ଥିଲେ। ତେବେ ଏହି ମ୍ୟାଚରେ କମାଲ କରିବେ ବୋଲି ଆଶା କରାଯାଉଛି। ବିଶ୍ୱର ଦୁଇ ଶକ୍ତିଶାଳୀ ଦଳ ମଧ୍ୟରେ ଏହି ନିର୍ଣ୍ଣାୟକ ମୁକାବିଲା ଅନୁଷ୍ଠିତ ହେବାକୁ ଯାଉଛି। ରବିବାର ବିଶ୍ୱବ୍ୟାପୀ ପ୍ରଶଂସକ ଏହି ମ୍ୟାଚକୁ ଉପଭୋଗ କରିବେ। ଓଭାଲରେ ପାଗ ଭଲ ରହିବ ବୋଲି ଆଶା କରାଯାଉଛି। ଟସ୍‌ର ଭୂମିକା ଗୁରୁତ୍ୱପୂର୍ଣ୍ଣ ହେବ। ଟସ ଜିତିବା ଦଳ କି ନିଷ୍ପତ୍ତି ନେବ ତାହା ପିଚ୍ ଉପରେ ନିର୍ଭର କରିବ। ପୂର୍ବ ମ୍ୟାଚଗୁଡିକ ଭଳି ରବିବାର ଏକ ହାଇସ୍କୋରିଂ ମୁକାବିଲା ଦେଖିବାକୁ ମିଳିବ।

ଭାରତୀୟ ଦଳ: ବିରାଟ କୋହଲି (ଅଧିନାୟକ), ଶିଖର ଧାୱନ, ରୋହିତ ଶର୍ମା, ଯୁବରାଜ ସିଂ, ମହେନ୍ଦ୍ର ସିଂ ଧୋନୀ, ହାର୍ଦ୍ଦିକ ପାଣ୍ଡ୍ୟା, କେଦାର ଯାଦବ, ରବିଚନ୍ଦ୍ରନ ଅଶ୍ୱିନ୍, ରବୀନ୍ଦ୍ର ଜାଡେଜା, ଉମେଶ ଯାଦବ, ଭୁବନେଶ୍ୱର କୁମାର, ଯଶପ୍ରୀତ ବୁମ୍ରା, ମହମ୍ମଦ ସାମି, ଦିନେଶ କାର୍ତ୍ତିକ ଓ ଅଜିଙ୍କ୍ୟ ରାହାନେ।

ଦକ୍ଷିଣ ଆଫ୍ରିକା ଦଳ: ଏବି ଡି'ଭିଲର୍ସ (ଅଧିନାୟକ), ହାସିମ ଅମଲା, କ୍ୱିଣ୍ଟନ ଡି'କକ୍, ଡେଭିଡ ମିଲର, ଜେପି ଡୁମିନି, ଫାଫ୍ ଡୁପ୍ଲେସି, ଇମ୍ରାନ ତାହିର, କେଶବ ମହାରାଜ, ଫରହାନ ବେହାରଡିନ, କ୍ରିସ୍ ମୋରିସ, ୱେନ ପାର୍ନେଲ, ଆଣ୍ଡିଲ ଫେଲୁକ୍ୱାଓ, ଡ୍ୱେନ ପ୍ରିଟୋରିୟସ ଓ କାଗିସୋ ରାବାଡ଼ା।

25
